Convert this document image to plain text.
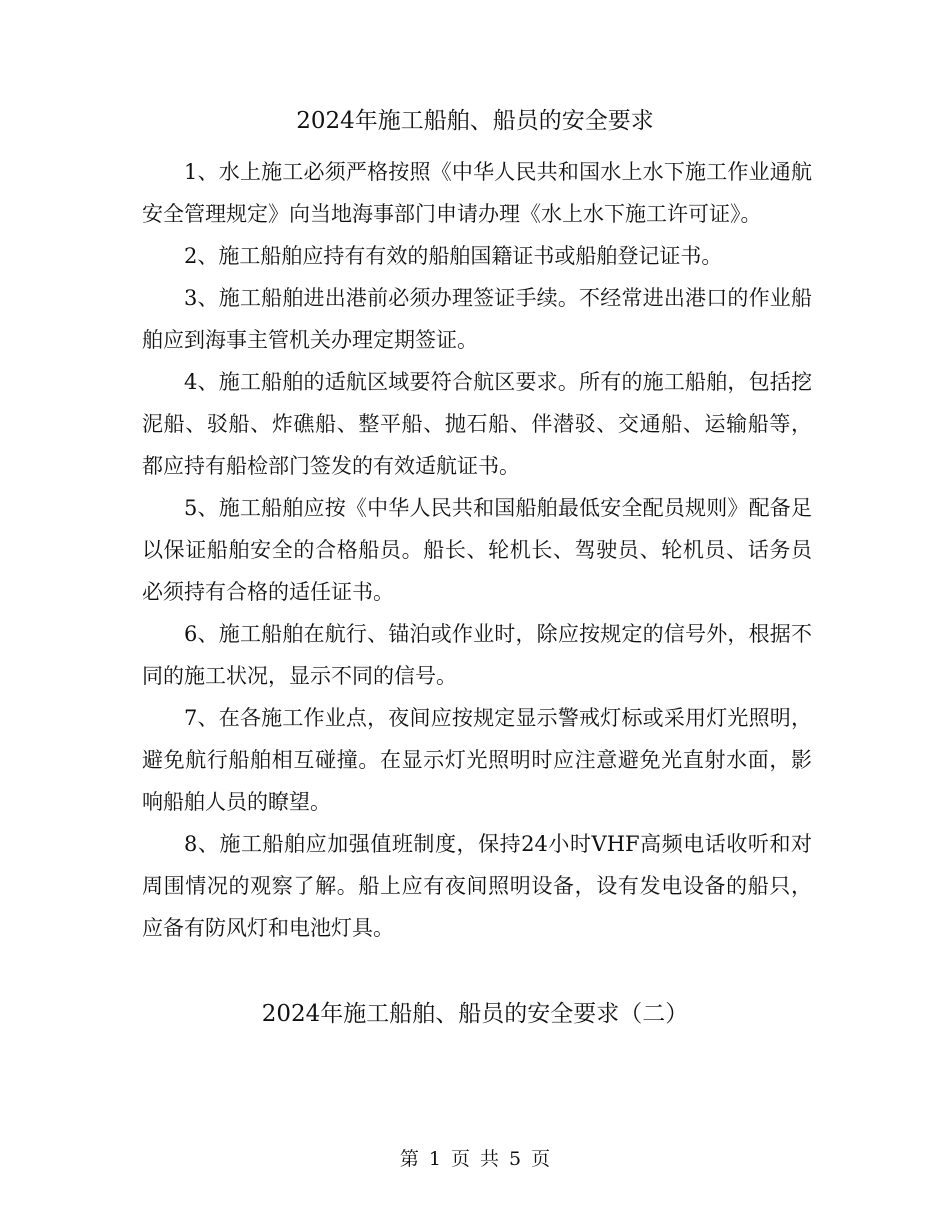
2024年施工船舶、船员的安全要求

1、水上施工必须严格按照《中华人民共和国水上水下施工作业通航安全管理规定》向当地海事部门申请办理《水上水下施工许可证》。

2、施工船舶应持有有效的船舶国籍证书或船舶登记证书。

3、施工船舶进出港前必须办理签证手续。不经常进出港口的作业船舶应到海事主管机关办理定期签证。

4、施工船舶的适航区域要符合航区要求。所有的施工船舶，包括挖泥船、驳船、炸礁船、整平船、抛石船、伴潜驳、交通船、运输船等，都应持有船检部门签发的有效适航证书。

5、施工船舶应按《中华人民共和国船舶最低安全配员规则》配备足以保证船舶安全的合格船员。船长、轮机长、驾驶员、轮机员、话务员必须持有合格的适任证书。

6、施工船舶在航行、锚泊或作业时，除应按规定的信号外，根据不同的施工状况，显示不同的信号。

7、在各施工作业点，夜间应按规定显示警戒灯标或采用灯光照明，避免航行船舶相互碰撞。在显示灯光照明时应注意避免光直射水面，影响船舶人员的瞭望。

8、施工船舶应加强值班制度，保持24小时VHF高频电话收听和对周围情况的观察了解。船上应有夜间照明设备，设有发电设备的船只，应备有防风灯和电池灯具。

2024年施工船舶、船员的安全要求（二）
第 1 页 共 5 页
